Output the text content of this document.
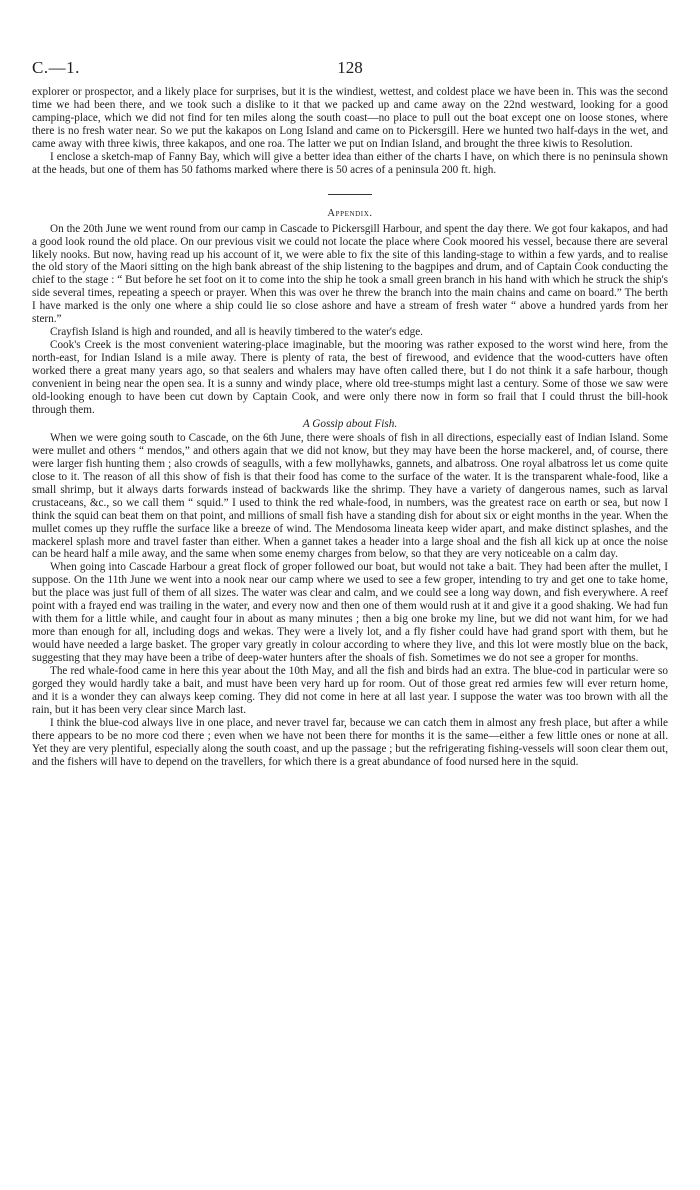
C.—1.	128

explorer or prospector, and a likely place for surprises, but it is the windiest, wettest, and coldest place we have been in. This was the second time we had been there, and we took such a dislike to it that we packed up and came away on the 22nd westward, looking for a good camping-place, which we did not find for ten miles along the south coast—no place to pull out the boat except one on loose stones, where there is no fresh water near. So we put the kakapos on Long Island and came on to Pickersgill. Here we hunted two half-days in the wet, and came away with three kiwis, three kakapos, and one roa. The latter we put on Indian Island, and brought the three kiwis to Resolution.

I enclose a sketch-map of Fanny Bay, which will give a better idea than either of the charts I have, on which there is no peninsula shown at the heads, but one of them has 50 fathoms marked where there is 50 acres of a peninsula 200 ft. high.

Appendix.

On the 20th June we went round from our camp in Cascade to Pickersgill Harbour, and spent the day there. We got four kakapos, and had a good look round the old place. On our previous visit we could not locate the place where Cook moored his vessel, because there are several likely nooks. But now, having read up his account of it, we were able to fix the site of this landing-stage to within a few yards, and to realise the old story of the Maori sitting on the high bank abreast of the ship listening to the bagpipes and drum, and of Captain Cook conducting the chief to the stage : “ But before he set foot on it to come into the ship he took a small green branch in his hand with which he struck the ship's side several times, repeating a speech or prayer. When this was over he threw the branch into the main chains and came on board.” The berth I have marked is the only one where a ship could lie so close ashore and have a stream of fresh water “ above a hundred yards from her stern.”

Crayfish Island is high and rounded, and all is heavily timbered to the water's edge.

Cook's Creek is the most convenient watering-place imaginable, but the mooring was rather exposed to the worst wind here, from the north-east, for Indian Island is a mile away. There is plenty of rata, the best of firewood, and evidence that the wood-cutters have often worked there a great many years ago, so that sealers and whalers may have often called there, but I do not think it a safe harbour, though convenient in being near the open sea. It is a sunny and windy place, where old tree-stumps might last a century. Some of those we saw were old-looking enough to have been cut down by Captain Cook, and were only there now in form so frail that I could thrust the bill-hook through them.

A Gossip about Fish.

When we were going south to Cascade, on the 6th June, there were shoals of fish in all directions, especially east of Indian Island. Some were mullet and others “ mendos,” and others again that we did not know, but they may have been the horse mackerel, and, of course, there were larger fish hunting them ; also crowds of seagulls, with a few mollyhawks, gannets, and albatross. One royal albatross let us come quite close to it. The reason of all this show of fish is that their food has come to the surface of the water. It is the transparent whale-food, like a small shrimp, but it always darts forwards instead of backwards like the shrimp. They have a variety of dangerous names, such as larval crustaceans, &c., so we call them “ squid.” I used to think the red whale-food, in numbers, was the greatest race on earth or sea, but now I think the squid can beat them on that point, and millions of small fish have a standing dish for about six or eight months in the year. When the mullet comes up they ruffle the surface like a breeze of wind. The Mendosoma lineata keep wider apart, and make distinct splashes, and the mackerel splash more and travel faster than either. When a gannet takes a header into a large shoal and the fish all kick up at once the noise can be heard half a mile away, and the same when some enemy charges from below, so that they are very noticeable on a calm day.

When going into Cascade Harbour a great flock of groper followed our boat, but would not take a bait. They had been after the mullet, I suppose. On the 11th June we went into a nook near our camp where we used to see a few groper, intending to try and get one to take home, but the place was just full of them of all sizes. The water was clear and calm, and we could see a long way down, and fish everywhere. A reef point with a frayed end was trailing in the water, and every now and then one of them would rush at it and give it a good shaking. We had fun with them for a little while, and caught four in about as many minutes ; then a big one broke my line, but we did not want him, for we had more than enough for all, including dogs and wekas. They were a lively lot, and a fly fisher could have had grand sport with them, but he would have needed a large basket. The groper vary greatly in colour according to where they live, and this lot were mostly blue on the back, suggesting that they may have been a tribe of deep-water hunters after the shoals of fish. Sometimes we do not see a groper for months.

The red whale-food came in here this year about the 10th May, and all the fish and birds had an extra. The blue-cod in particular were so gorged they would hardly take a bait, and must have been very hard up for room. Out of those great red armies few will ever return home, and it is a wonder they can always keep coming. They did not come in here at all last year. I suppose the water was too brown with all the rain, but it has been very clear since March last.

I think the blue-cod always live in one place, and never travel far, because we can catch them in almost any fresh place, but after a while there appears to be no more cod there ; even when we have not been there for months it is the same—either a few little ones or none at all. Yet they are very plentiful, especially along the south coast, and up the passage ; but the refrigerating fishing-vessels will soon clear them out, and the fishers will have to depend on the travellers, for which there is a great abundance of food nursed here in the squid.
